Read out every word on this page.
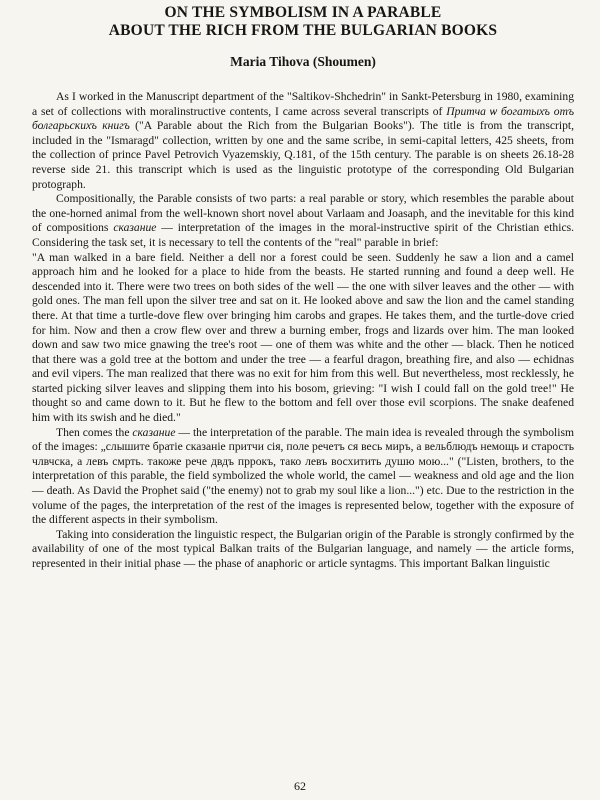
ON THE SYMBOLISM IN A PARABLE
ABOUT THE RICH FROM THE BULGARIAN BOOKS
Maria Tihova (Shoumen)

As I worked in the Manuscript department of the "Saltikov-Shchedrin" in Sankt-Petersburg in 1980, examining a set of collections with moralinstructive contents, I came across several transcripts of Притча ѡ богатыхъ отъ болгарьскихъ книгъ ("A Parable about the Rich from the Bulgarian Books"). The title is from the transcript, included in the "Ismaragd" collection, written by one and the same scribe, in semi-capital letters, 425 sheets, from the collection of prince Pavel Petrovich Vyazemskiy, Q.181, of the 15th century. The parable is on sheets 26.18-28 reverse side 21. this transcript which is used as the linguistic prototype of the corresponding Old Bulgarian protograph.

Compositionally, the Parable consists of two parts: a real parable or story, which resembles the parable about the one-horned animal from the well-known short novel about Varlaam and Joasaph, and the inevitable for this kind of compositions сказание — interpretation of the images in the moral-instructive spirit of the Christian ethics. Considering the task set, it is necessary to tell the contents of the "real" parable in brief:

"A man walked in a bare field. Neither a dell nor a forest could be seen. Suddenly he saw a lion and a camel approach him and he looked for a place to hide from the beasts. He started running and found a deep well. He descended into it. There were two trees on both sides of the well — the one with silver leaves and the other — with gold ones. The man fell upon the silver tree and sat on it. He looked above and saw the lion and the camel standing there. At that time a turtle-dove flew over bringing him carobs and grapes. He takes them, and the turtle-dove cried for him. Now and then a crow flew over and threw a burning ember, frogs and lizards over him. The man looked down and saw two mice gnawing the tree's root — one of them was white and the other — black. Then he noticed that there was a gold tree at the bottom and under the tree — a fearful dragon, breathing fire, and also — echidnas and evil vipers. The man realized that there was no exit for him from this well. But nevertheless, most recklessly, he started picking silver leaves and slipping them into his bosom, grieving: "I wish I could fall on the gold tree!" He thought so and came down to it. But he flew to the bottom and fell over those evil scorpions. The snake deafened him with its swish and he died."

Then comes the сказание — the interpretation of the parable. The main idea is revealed through the symbolism of the images: „слышите братіе сказаніе притчи сія, поле речетъ ся весь миръ, а вельблюдъ немощь и старость члвчска, а левъ смрть. такоже рече двдъ пррокъ, тако левъ восхитить душю мою..." ("Listen, brothers, to the interpretation of this parable, the field symbolized the whole world, the camel — weakness and old age and the lion — death. As David the Prophet said ("the enemy) not to grab my soul like a lion...") etc. Due to the restriction in the volume of the pages, the interpretation of the rest of the images is represented below, together with the exposure of the different aspects in their symbolism.

Taking into consideration the linguistic respect, the Bulgarian origin of the Parable is strongly confirmed by the availability of one of the most typical Balkan traits of the Bulgarian language, and namely — the article forms, represented in their initial phase — the phase of anaphoric or article syntagms. This important Balkan linguistic

62
